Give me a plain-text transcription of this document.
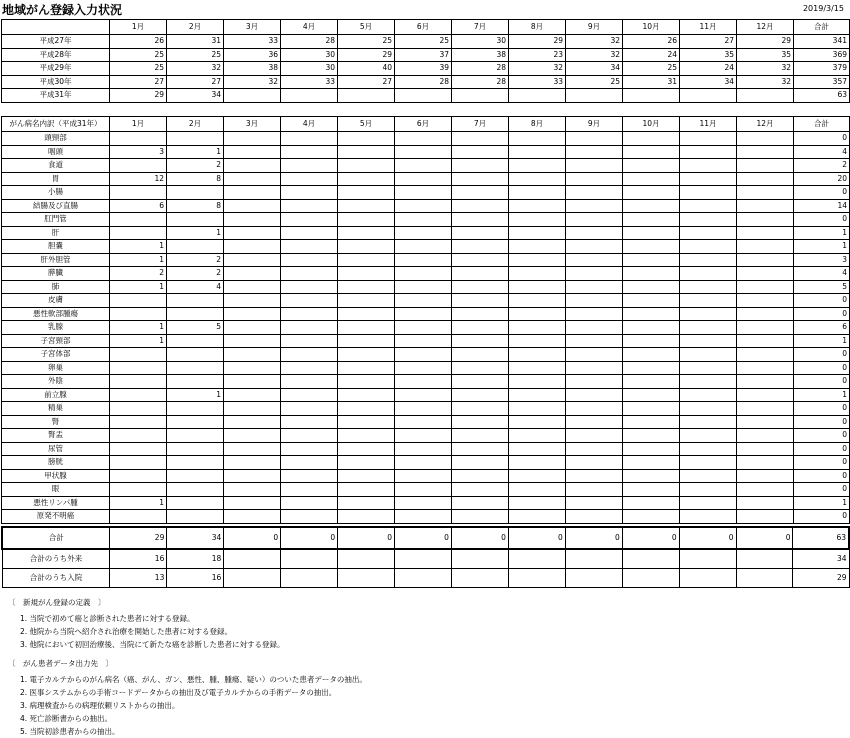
地域がん登録入力状況	2019/3/15
	1月	2月	3月	4月	5月	6月	7月	8月	9月	10月	11月	12月	合計
平成27年	26	31	33	28	25	25	30	29	32	26	27	29	341
平成28年	25	25	36	30	29	37	38	23	32	24	35	35	369
平成29年	25	32	38	30	40	39	28	32	34	25	24	32	379
平成30年	27	27	32	33	27	28	28	33	25	31	34	32	357
平成31年	29	34											63
がん病名内訳（平成31年）	1月	2月	3月	4月	5月	6月	7月	8月	9月	10月	11月	12月	合計
頭頸部													0
咽頭	3	1											4
食道		2											2
胃	12	8											20
小腸													0
結腸及び直腸	6	8											14
肛門管													0
肝		1											1
胆嚢	1												1
肝外胆管	1	2											3
膵臓	2	2											4
肺	1	4											5
皮膚													0
悪性軟部腫瘍													0
乳腺	1	5											6
子宮頸部	1												1
子宮体部													0
卵巣													0
外陰													0
前立腺		1											1
精巣													0
腎													0
腎盂													0
尿管													0
膀胱													0
甲状腺													0
眼													0
悪性リンパ腫	1												1
原発不明癌													0
合計	29	34	0	0	0	0	0	0	0	0	0	0	63
合計のうち外来	16	18											34
合計のうち入院	13	16											29
〔　新規がん登録の定義　〕
1. 当院で初めて癌と診断された患者に対する登録。
2. 他院から当院へ紹介され治療を開始した患者に対する登録。
3. 他院において初回治療後、当院にて新たな癌を診断した患者に対する登録。
〔　がん患者データ出力先　〕
1. 電子カルテからのがん病名（癌、がん、ガン、悪性、腫、腫瘍、疑い）のついた患者データの抽出。
2. 医事システムからの手術コードデータからの抽出及び電子カルテからの手術データの抽出。
3. 病理検査からの病理依頼リストからの抽出。
4. 死亡診断書からの抽出。
5. 当院初診患者からの抽出。
